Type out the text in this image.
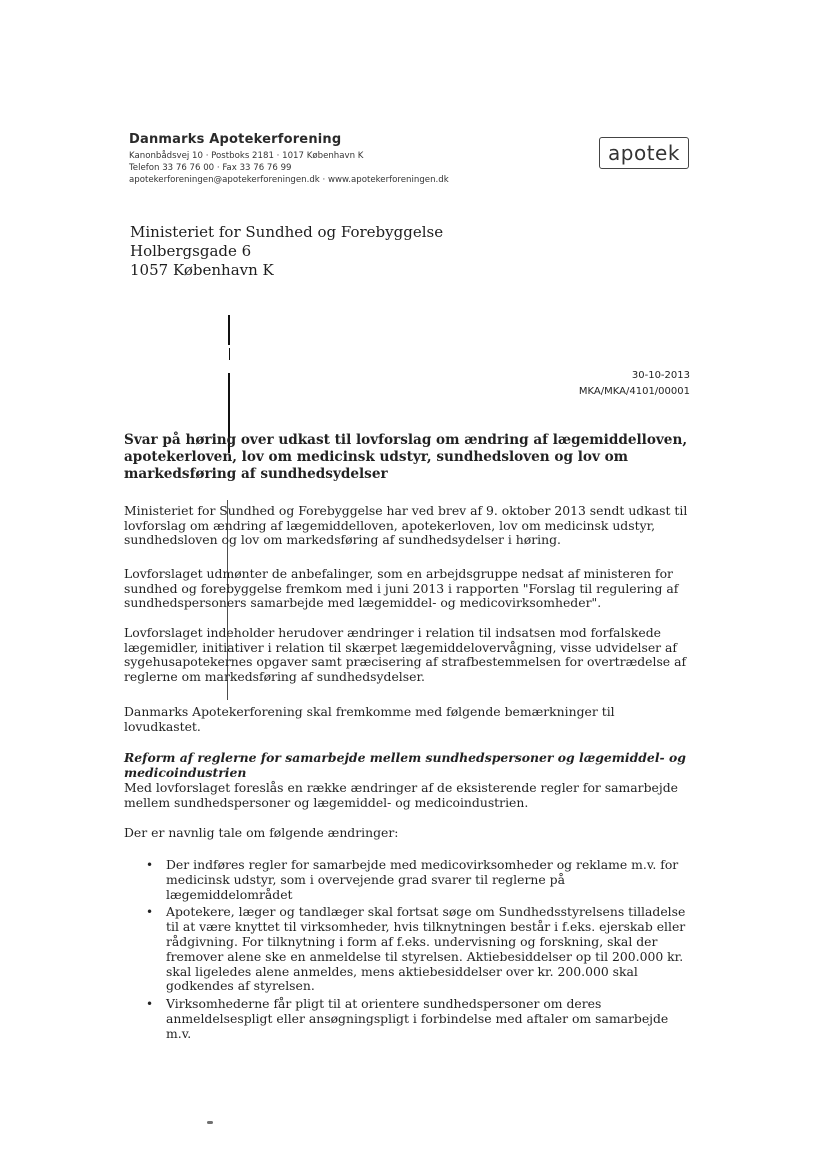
Danmarks Apotekerforening
Kanonbådsvej 10 · Postboks 2181 · 1017 København K
Telefon 33 76 76 00 · Fax 33 76 76 99
apotekerforeningen@apotekerforeningen.dk · www.apotekerforeningen.dk
apotek
Ministeriet for Sundhed og Forebyggelse
Holbergsgade 6
1057 København K
30-10-2013
MKA/MKA/4101/00001
Svar på høring over udkast til lovforslag om ændring af lægemiddelloven, apotekerloven, lov om medicinsk udstyr, sundhedsloven og lov om markedsføring af sundhedsydelser
Ministeriet for Sundhed og Forebyggelse har ved brev af 9. oktober 2013 sendt udkast til lovforslag om ændring af lægemiddelloven, apotekerloven, lov om medicinsk udstyr, sundhedsloven og lov om markedsføring af sundhedsydelser i høring.
Lovforslaget udmønter de anbefalinger, som en arbejdsgruppe nedsat af ministeren for sundhed og forebyggelse fremkom med i juni 2013 i rapporten "Forslag til regulering af sundhedspersoners samarbejde med lægemiddel- og medicovirksomheder".
Lovforslaget indeholder herudover ændringer i relation til indsatsen mod forfalskede lægemidler, initiativer i relation til skærpet lægemiddelovervågning, visse udvidelser af sygehusapotekernes opgaver samt præcisering af strafbestemmelsen for overtrædelse af reglerne om markedsføring af sundhedsydelser.
Danmarks Apotekerforening skal fremkomme med følgende bemærkninger til lovudkastet.
Reform af reglerne for samarbejde mellem sundhedspersoner og lægemiddel- og medicoindustrien
Med lovforslaget foreslås en række ændringer af de eksisterende regler for samarbejde mellem sundhedspersoner og lægemiddel- og medicoindustrien.
Der er navnlig tale om følgende ændringer:
• Der indføres regler for samarbejde med medicovirksomheder og reklame m.v. for medicinsk udstyr, som i overvejende grad svarer til reglerne på lægemiddelområdet
• Apotekere, læger og tandlæger skal fortsat søge om Sundhedsstyrelsens tilladelse til at være knyttet til virksomheder, hvis tilknytningen består i f.eks. ejerskab eller rådgivning. For tilknytning i form af f.eks. undervisning og forskning, skal der fremover alene ske en anmeldelse til styrelsen. Aktiebesiddelser op til 200.000 kr. skal ligeledes alene anmeldes, mens aktiebesiddelser over kr. 200.000 skal godkendes af styrelsen.
• Virksomhederne får pligt til at orientere sundhedspersoner om deres anmeldelsespligt eller ansøgningspligt i forbindelse med aftaler om samarbejde m.v.
